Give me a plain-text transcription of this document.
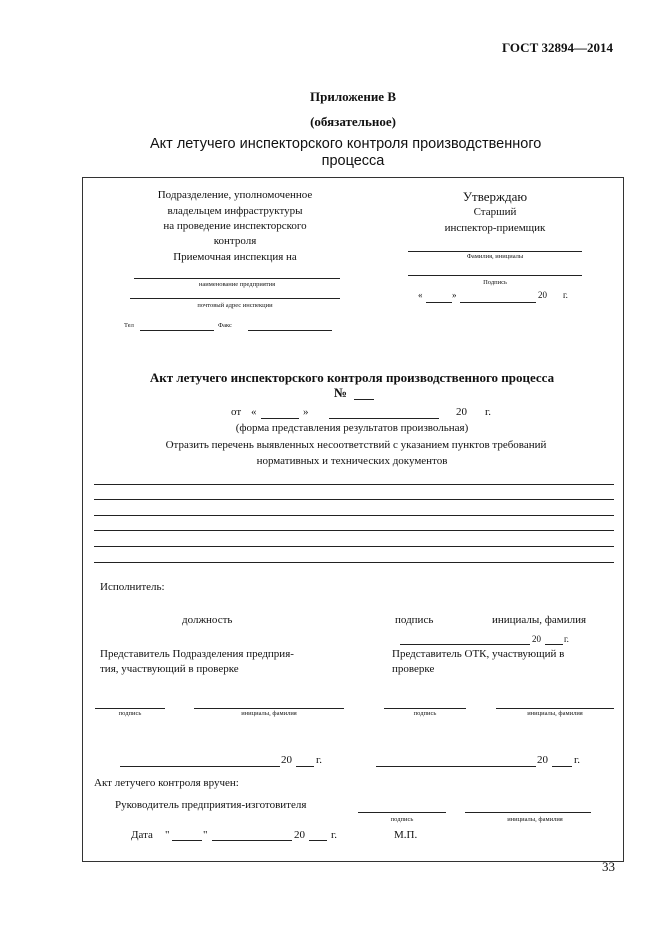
ГОСТ 32894—2014
Приложение В
(обязательное)
Акт летучего инспекторского контроля производственного
процесса
Подразделение, уполномоченное
владельцем инфраструктуры
на проведение инспекторского
контроля
Приемочная инспекция на
наименование предприятия
почтовый адрес инспекции
Тел	Факс
Утверждаю
Старший
инспектор-приемщик
Фамилия, инициалы
Подпись
«	»	20 г.
Акт летучего инспекторского контроля производственного процесса
№
от «	»	20 г.
(форма представления результатов произвольная)
Отразить перечень выявленных несоответствий с указанием пунктов требований
нормативных и технических документов
Исполнитель:
должность	подпись	инициалы, фамилия
20	г.
Представитель Подразделения предприя-
тия, участвующий в проверке
Представитель ОТК, участвующий в
проверке
подпись	инициалы, фамилия	подпись	инициалы, фамилия
20 г.	20 г.
Акт летучего контроля вручен:
Руководитель предприятия-изготовителя
подпись	инициалы, фамилия
Дата "	"	20 г.	М.П.
33
